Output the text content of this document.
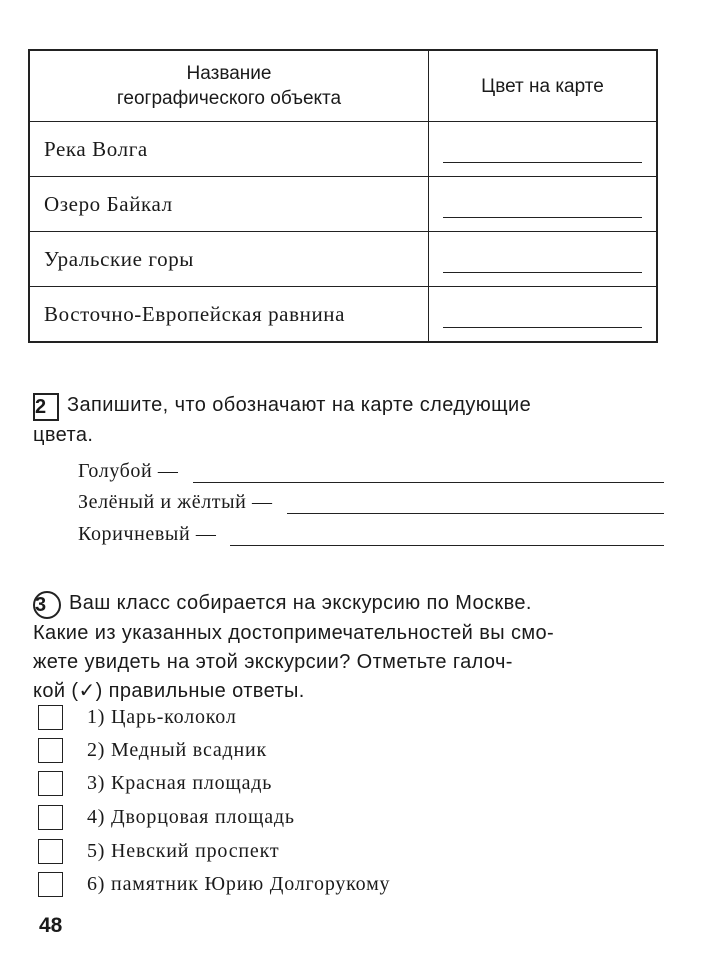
Название
географического объекта	Цвет на карте
Река Волга	

Озеро Байкал	

Уральские горы	

Восточно-Европейская равнина	
2 Запишите, что обозначают на карте следующие
цвета.
Голубой —
Зелёный и жёлтый —
Коричневый —
3 Ваш класс собирается на экскурсию по Москве.
Какие из указанных достопримечательностей вы смо-
жете увидеть на этой экскурсии? Отметьте галоч-
кой (✓) правильные ответы.
1) Царь-колокол
2) Медный всадник
3) Красная площадь
4) Дворцовая площадь
5) Невский проспект
6) памятник Юрию Долгорукому
48
